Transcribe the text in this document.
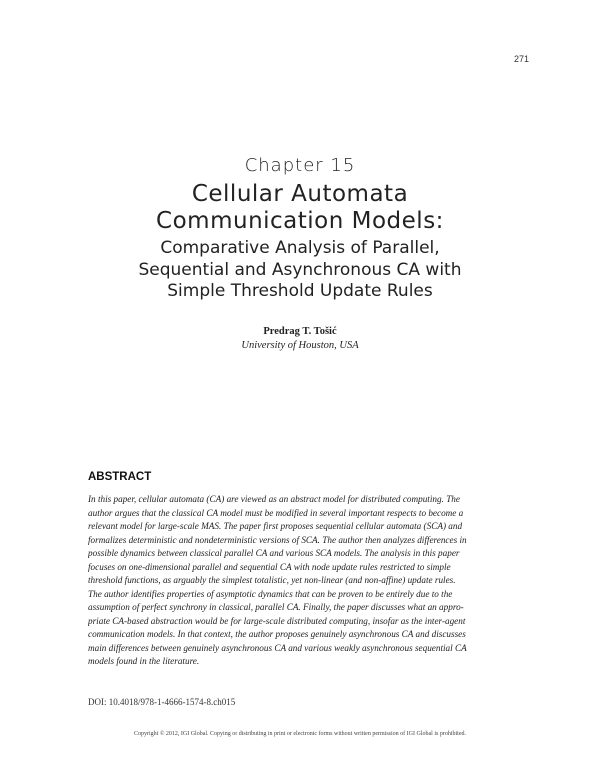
271
Chapter 15
Cellular Automata
Communication Models:
Comparative Analysis of Parallel,
Sequential and Asynchronous CA with
Simple Threshold Update Rules
Predrag T. Tošić
University of Houston, USA
ABSTRACT
In this paper, cellular automata (CA) are viewed as an abstract model for distributed computing. The
author argues that the classical CA model must be modified in several important respects to become a
relevant model for large-scale MAS. The paper first proposes sequential cellular automata (SCA) and
formalizes deterministic and nondeterministic versions of SCA. The author then analyzes differences in
possible dynamics between classical parallel CA and various SCA models. The analysis in this paper
focuses on one-dimensional parallel and sequential CA with node update rules restricted to simple
threshold functions, as arguably the simplest totalistic, yet non-linear (and non-affine) update rules.
The author identifies properties of asymptotic dynamics that can be proven to be entirely due to the
assumption of perfect synchrony in classical, parallel CA. Finally, the paper discusses what an appro-
priate CA-based abstraction would be for large-scale distributed computing, insofar as the inter-agent
communication models. In that context, the author proposes genuinely asynchronous CA and discusses
main differences between genuinely asynchronous CA and various weakly asynchronous sequential CA
models found in the literature.
DOI: 10.4018/978-1-4666-1574-8.ch015
Copyright © 2012, IGI Global. Copying or distributing in print or electronic forms without written permission of IGI Global is prohibited.
